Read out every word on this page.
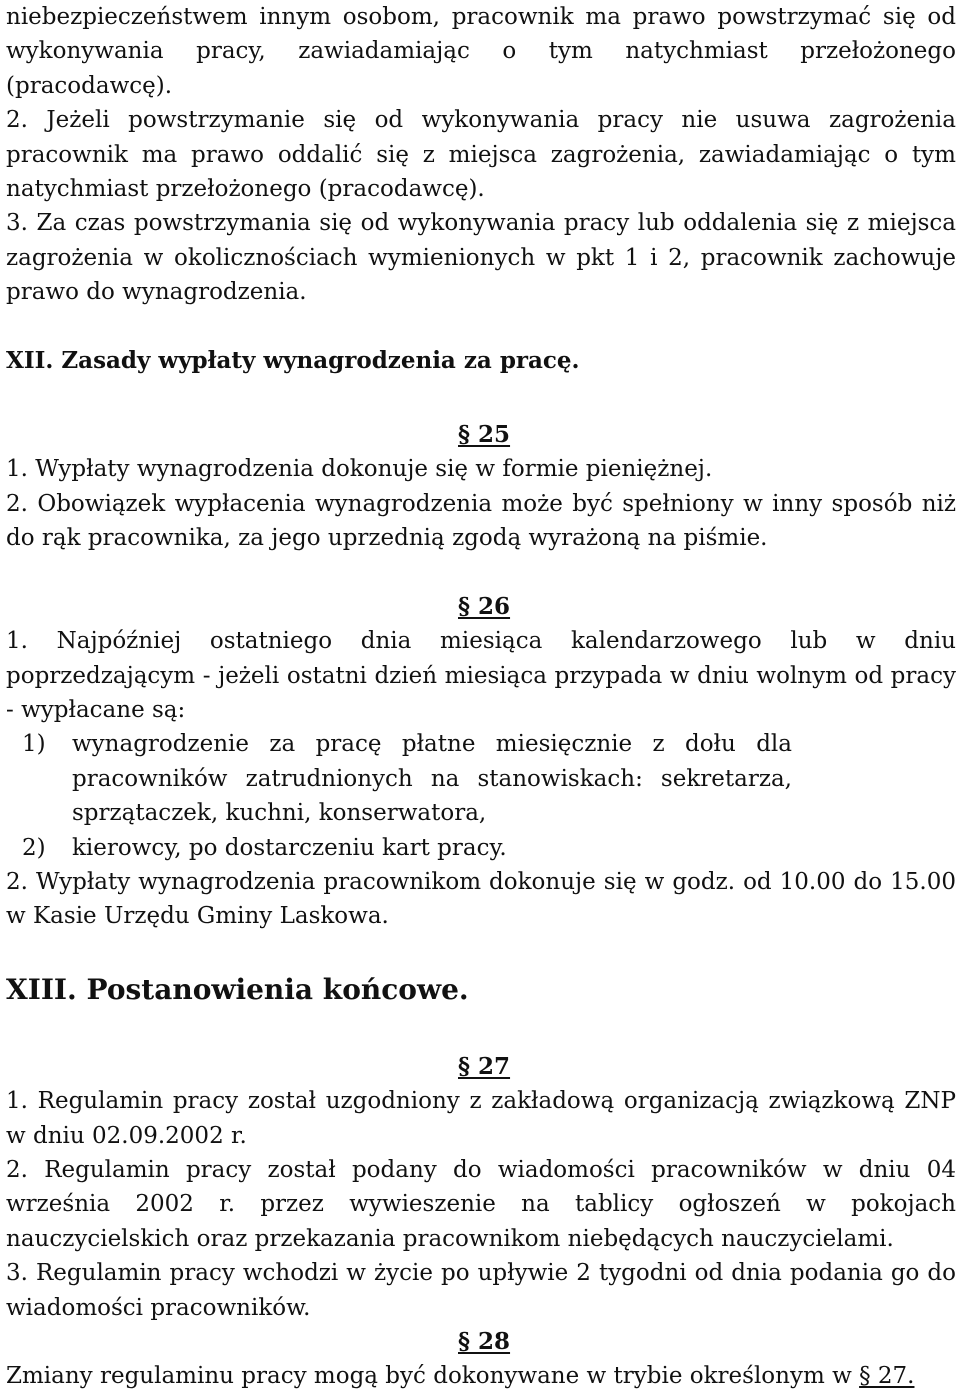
niebezpieczeństwem innym osobom, pracownik ma prawo powstrzymać się od wykonywania pracy, zawiadamiając o tym natychmiast przełożonego (pracodawcę).

2. Jeżeli powstrzymanie się od wykonywania pracy nie usuwa zagrożenia pracownik ma prawo oddalić się z miejsca zagrożenia, zawiadamiając o tym natychmiast przełożonego (pracodawcę).

3. Za czas powstrzymania się od wykonywania pracy lub oddalenia się z miejsca zagrożenia w okolicznościach wymienionych w pkt 1 i 2, pracownik zachowuje prawo do wynagrodzenia.

XII. Zasady wypłaty wynagrodzenia za pracę.

§ 25

1. Wypłaty wynagrodzenia dokonuje się w formie pieniężnej.

2. Obowiązek wypłacenia wynagrodzenia może być spełniony w inny sposób niż do rąk pracownika, za jego uprzednią zgodą wyrażoną na piśmie.

§ 26

1. Najpóźniej ostatniego dnia miesiąca kalendarzowego lub w dniu poprzedzającym - jeżeli ostatni dzień miesiąca przypada w dniu wolnym od pracy - wypłacane są:

1)	wynagrodzenie za pracę płatne miesięcznie z dołu dla pracowników zatrudnionych na stanowiskach: sekretarza, sprzątaczek, kuchni, konserwatora,
2)	kierowcy, po dostarczeniu kart pracy.

2. Wypłaty wynagrodzenia pracownikom dokonuje się w godz. od 10.00 do 15.00 w Kasie Urzędu Gminy Laskowa.

XIII. Postanowienia końcowe.

§ 27

1. Regulamin pracy został uzgodniony z zakładową organizacją związkową ZNP w dniu 02.09.2002 r.

2. Regulamin pracy został podany do wiadomości pracowników w dniu 04 września 2002 r. przez wywieszenie na tablicy ogłoszeń w pokojach nauczycielskich oraz przekazania pracownikom niebędących nauczycielami.

3. Regulamin pracy wchodzi w życie po upływie 2 tygodni od dnia podania go do wiadomości pracowników.

§ 28

Zmiany regulaminu pracy mogą być dokonywane w trybie określonym w § 27.
